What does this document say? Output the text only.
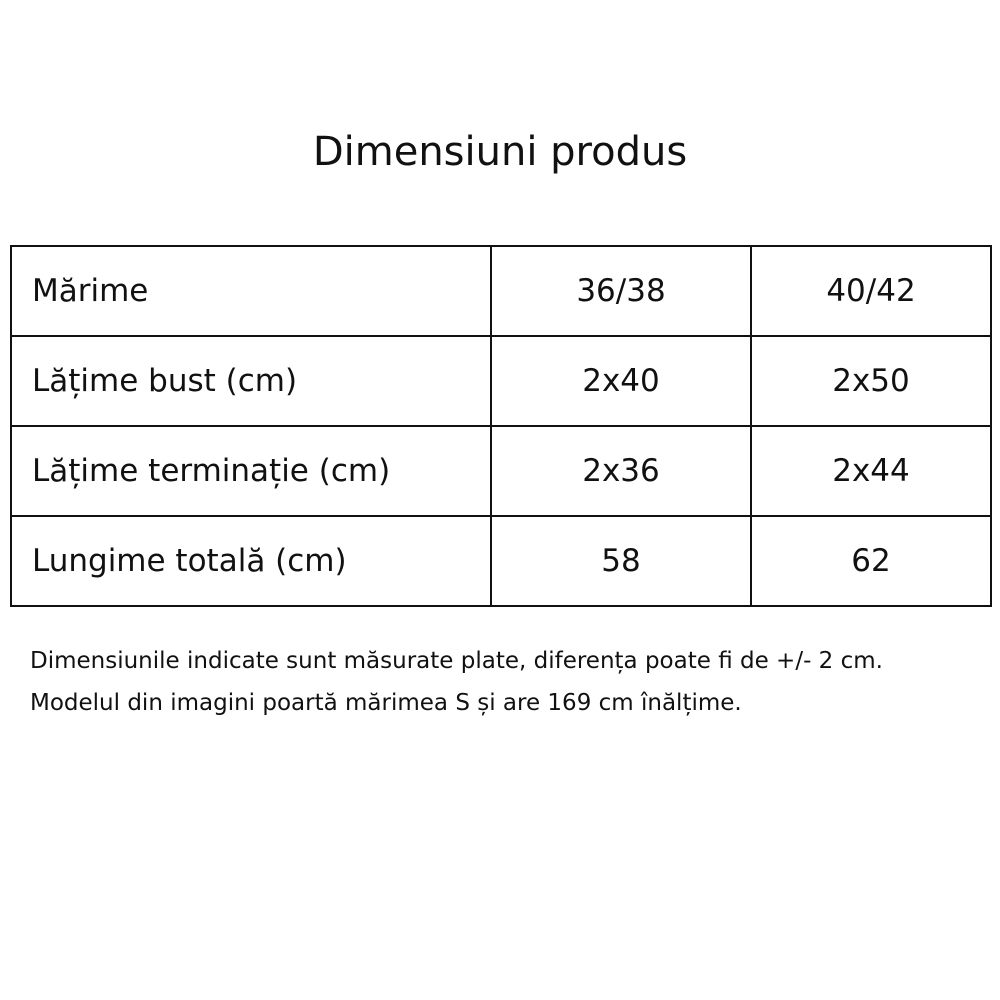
Dimensiuni produs
Mărime	36/38	40/42
Lățime bust (cm)	2x40	2x50
Lățime terminație (cm)	2x36	2x44
Lungime totală (cm)	58	62
Dimensiunile indicate sunt măsurate plate, diferența poate fi de +/- 2 cm.
Modelul din imagini poartă mărimea S și are 169 cm înălțime.
